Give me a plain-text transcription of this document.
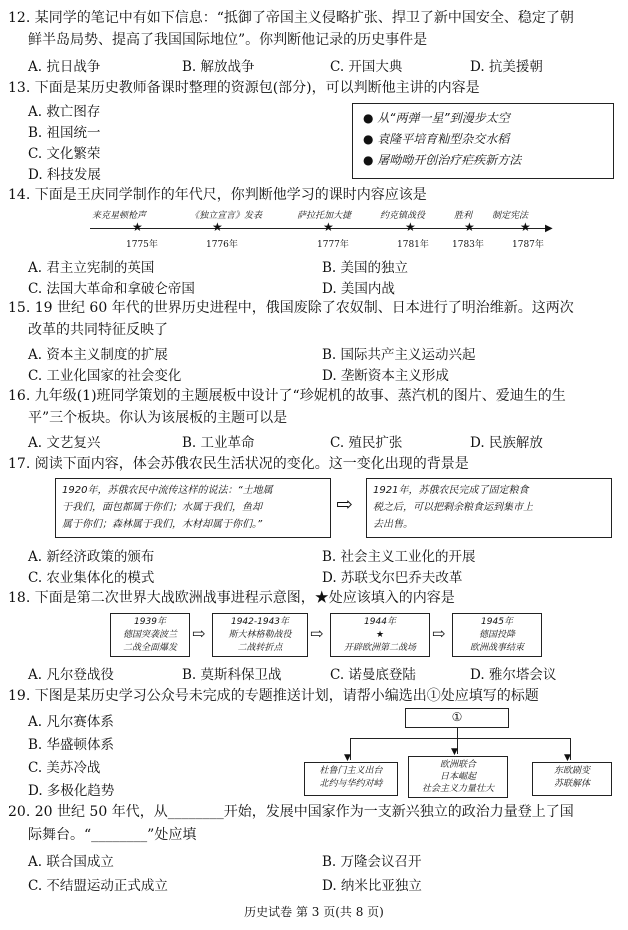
12. 某同学的笔记中有如下信息：“抵御了帝国主义侵略扩张、捍卫了新中国安全、稳定了朝
鲜半岛局势、提高了我国国际地位”。你判断他记录的历史事件是
A. 抗日战争	B. 解放战争	C. 开国大典	D. 抗美援朝
13. 下面是某历史教师备课时整理的资源包(部分)，可以判断他主讲的内容是
A. 救亡图存
B. 祖国统一
C. 文化繁荣
D. 科技发展
● 从“两弹一星”到漫步太空
● 袁隆平培育籼型杂交水稻
● 屠呦呦开创治疗疟疾新方法
14. 下面是王庆同学制作的年代尺，你判断他学习的课时内容应该是
▶
来克星顿枪声	《独立宣言》发表	萨拉托加大捷	约克镇战役	胜利 制定宪法
★	★	★	★	★	★
1775年	1776年	1777年	1781年	1783年	1787年
A. 君主立宪制的英国	B. 美国的独立
C. 法国大革命和拿破仑帝国	D. 美国内战
15. 19 世纪 60 年代的世界历史进程中，俄国废除了农奴制、日本进行了明治维新。这两次
改革的共同特征反映了
A. 资本主义制度的扩展	B. 国际共产主义运动兴起
C. 工业化国家的社会变化	D. 垄断资本主义形成
16. 九年级(1)班同学策划的主题展板中设计了“珍妮机的故事、蒸汽机的图片、爱迪生的生
平”三个板块。你认为该展板的主题可以是
A. 文艺复兴	B. 工业革命	C. 殖民扩张	D. 民族解放
17. 阅读下面内容，体会苏俄农民生活状况的变化。这一变化出现的背景是
1920年，苏俄农民中流传这样的说法：“土地属
于我们，面包都属于你们；水属于我们，鱼却
属于你们；森林属于我们，木材却属于你们。”
⇨
1921年，苏俄农民完成了固定粮食
税之后，可以把剩余粮食运到集市上
去出售。
A. 新经济政策的颁布	B. 社会主义工业化的开展
C. 农业集体化的模式	D. 苏联戈尔巴乔夫改革
18. 下面是第二次世界大战欧洲战事进程示意图，★处应该填入的内容是
1939年
德国突袭波兰
二战全面爆发
⇨
1942-1943年
斯大林格勒战役
二战转折点
⇨
1944年
★
开辟欧洲第二战场
⇨
1945年
德国投降
欧洲战事结束
A. 凡尔登战役	B. 莫斯科保卫战	C. 诺曼底登陆	D. 雅尔塔会议
19. 下图是某历史学习公众号未完成的专题推送计划，请帮小编选出①处应填写的标题
A. 凡尔赛体系
B. 华盛顿体系
C. 美苏冷战
D. 多极化趋势
①
▼
▼
▼
杜鲁门主义出台
北约与华约对峙
欧洲联合
日本崛起
社会主义力量壮大
东欧剧变
苏联解体
20. 20 世纪 50 年代，从________开始，发展中国家作为一支新兴独立的政治力量登上了国
际舞台。“________”处应填
A. 联合国成立	B. 万隆会议召开
C. 不结盟运动正式成立	D. 纳米比亚独立
历史试卷 第 3 页(共 8 页)
